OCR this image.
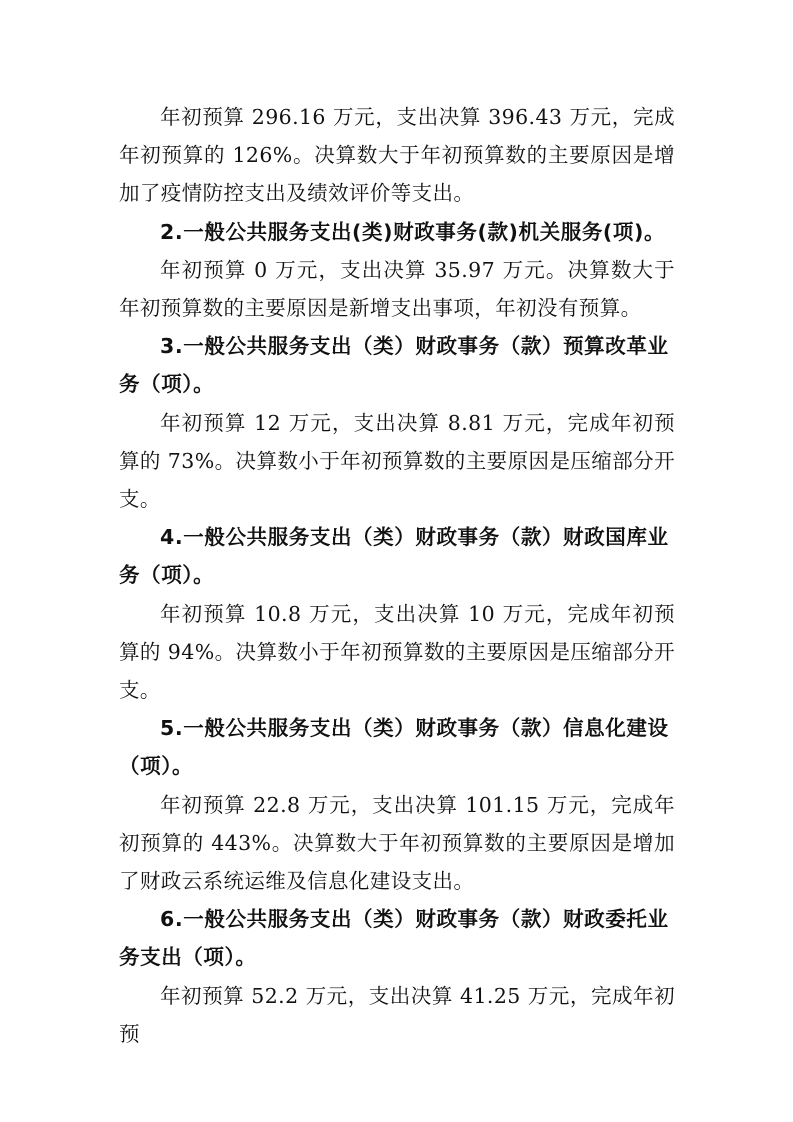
年初预算 296.16 万元，支出决算 396.43 万元，完成年初预算的 126%。决算数大于年初预算数的主要原因是增加了疫情防控支出及绩效评价等支出。

2.一般公共服务支出(类)财政事务(款)机关服务(项)。

年初预算 0 万元，支出决算 35.97 万元。决算数大于年初预算数的主要原因是新增支出事项，年初没有预算。

3.一般公共服务支出（类）财政事务（款）预算改革业务（项）。

年初预算 12 万元，支出决算 8.81 万元，完成年初预算的 73%。决算数小于年初预算数的主要原因是压缩部分开支。

4.一般公共服务支出（类）财政事务（款）财政国库业务（项）。

年初预算 10.8 万元，支出决算 10 万元，完成年初预算的 94%。决算数小于年初预算数的主要原因是压缩部分开支。

5.一般公共服务支出（类）财政事务（款）信息化建设（项）。

年初预算 22.8 万元，支出决算 101.15 万元，完成年初预算的 443%。决算数大于年初预算数的主要原因是增加了财政云系统运维及信息化建设支出。

6.一般公共服务支出（类）财政事务（款）财政委托业务支出（项）。

年初预算 52.2 万元，支出决算 41.25 万元，完成年初预
